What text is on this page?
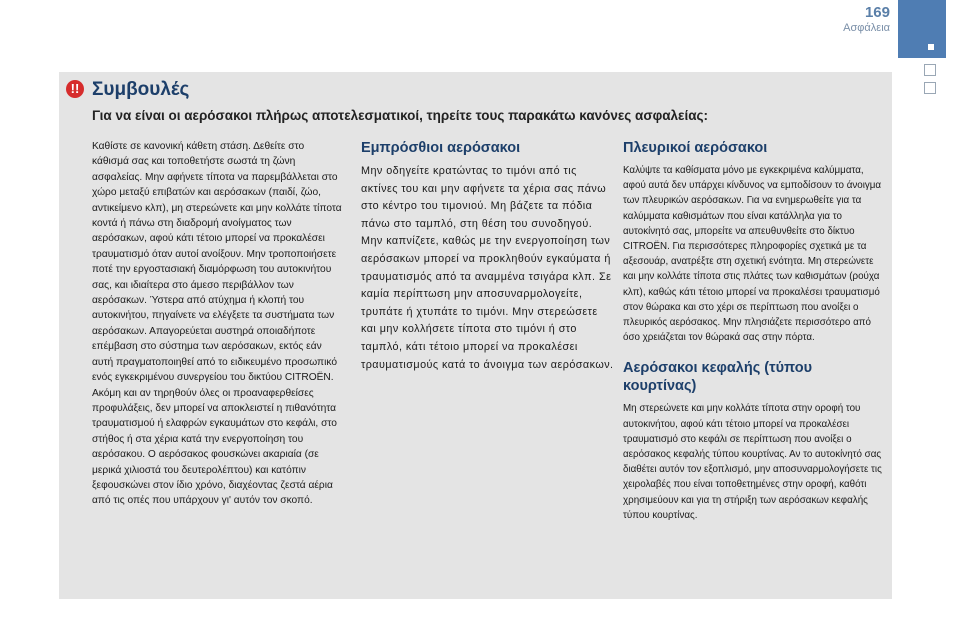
169
Ασφάλεια
!! Συμβουλές
Για να είναι οι αερόσακοι πλήρως αποτελεσματικοί, τηρείτε τους παρακάτω κανόνες ασφαλείας:

Καθίστε σε κανονική κάθετη στάση. Δεθείτε στο κάθισμά σας και τοποθετήστε σωστά τη ζώνη ασφαλείας. Μην αφήνετε τίποτα να παρεμβάλλεται στο χώρο μεταξύ επιβατών και αερόσακων (παιδί, ζώο, αντικείμενο κλπ), μη στερεώνετε και μην κολλάτε τίποτα κοντά ή πάνω στη διαδρομή ανοίγματος των αερόσακων, αφού κάτι τέτοιο μπορεί να προκαλέσει τραυματισμό όταν αυτοί ανοίξουν. Μην τροποποιήσετε ποτέ την εργοστασιακή διαμόρφωση του αυτοκινήτου σας, και ιδιαίτερα στο άμεσο περιβάλλον των αερόσακων. Ύστερα από ατύχημα ή κλοπή του αυτοκινήτου, πηγαίνετε να ελέγξετε τα συστήματα των αερόσακων. Απαγορεύεται αυστηρά οποιαδήποτε επέμβαση στο σύστημα των αερόσακων, εκτός εάν αυτή πραγματοποιηθεί από το ειδικευμένο προσωπικό ενός εγκεκριμένου συνεργείου του δικτύου CITROËN. Ακόμη και αν τηρηθούν όλες οι προαναφερθείσες προφυλάξεις, δεν μπορεί να αποκλειστεί η πιθανότητα τραυματισμού ή ελαφρών εγκαυμάτων στο κεφάλι, στο στήθος ή στα χέρια κατά την ενεργοποίηση του αερόσακου. Ο αερόσακος φουσκώνει ακαριαία (σε μερικά χιλιοστά του δευτερολέπτου) και κατόπιν ξεφουσκώνει στον ίδιο χρόνο, διαχέοντας ζεστά αέρια από τις οπές που υπάρχουν γι' αυτόν τον σκοπό.

Εμπρόσθιοι αερόσακοι

Μην οδηγείτε κρατώντας το τιμόνι από τις ακτίνες του και μην αφήνετε τα χέρια σας πάνω στο κέντρο του τιμονιού. Μη βάζετε τα πόδια πάνω στο ταμπλό, στη θέση του συνοδηγού. Μην καπνίζετε, καθώς με την ενεργοποίηση των αερόσακων μπορεί να προκληθούν εγκαύματα ή τραυματισμός από τα αναμμένα τσιγάρα κλπ. Σε καμία περίπτωση μην αποσυναρμολογείτε, τρυπάτε ή χτυπάτε το τιμόνι. Μην στερεώσετε και μην κολλήσετε τίποτα στο τιμόνι ή στο ταμπλό, κάτι τέτοιο μπορεί να προκαλέσει τραυματισμούς κατά το άνοιγμα των αερόσακων.

Πλευρικοί αερόσακοι

Καλύψτε τα καθίσματα μόνο με εγκεκριμένα καλύμματα, αφού αυτά δεν υπάρχει κίνδυνος να εμποδίσουν το άνοιγμα των πλευρικών αερόσακων. Για να ενημερωθείτε για τα καλύμματα καθισμάτων που είναι κατάλληλα για το αυτοκίνητό σας, μπορείτε να απευθυνθείτε στο δίκτυο CITROËN. Για περισσότερες πληροφορίες σχετικά με τα αξεσουάρ, ανατρέξτε στη σχετική ενότητα. Μη στερεώνετε και μην κολλάτε τίποτα στις πλάτες των καθισμάτων (ρούχα κλπ), καθώς κάτι τέτοιο μπορεί να προκαλέσει τραυματισμό στον θώρακα και στο χέρι σε περίπτωση που ανοίξει ο πλευρικός αερόσακος. Μην πλησιάζετε περισσότερο από όσο χρειάζεται τον θώρακά σας στην πόρτα.

Αερόσακοι κεφαλής (τύπου κουρτίνας)

Μη στερεώνετε και μην κολλάτε τίποτα στην οροφή του αυτοκινήτου, αφού κάτι τέτοιο μπορεί να προκαλέσει τραυματισμό στο κεφάλι σε περίπτωση που ανοίξει ο αερόσακος κεφαλής τύπου κουρτίνας. Αν το αυτοκίνητό σας διαθέτει αυτόν τον εξοπλισμό, μην αποσυναρμολογήσετε τις χειρολαβές που είναι τοποθετημένες στην οροφή, καθότι χρησιμεύουν και για τη στήριξη των αερόσακων κεφαλής τύπου κουρτίνας.
